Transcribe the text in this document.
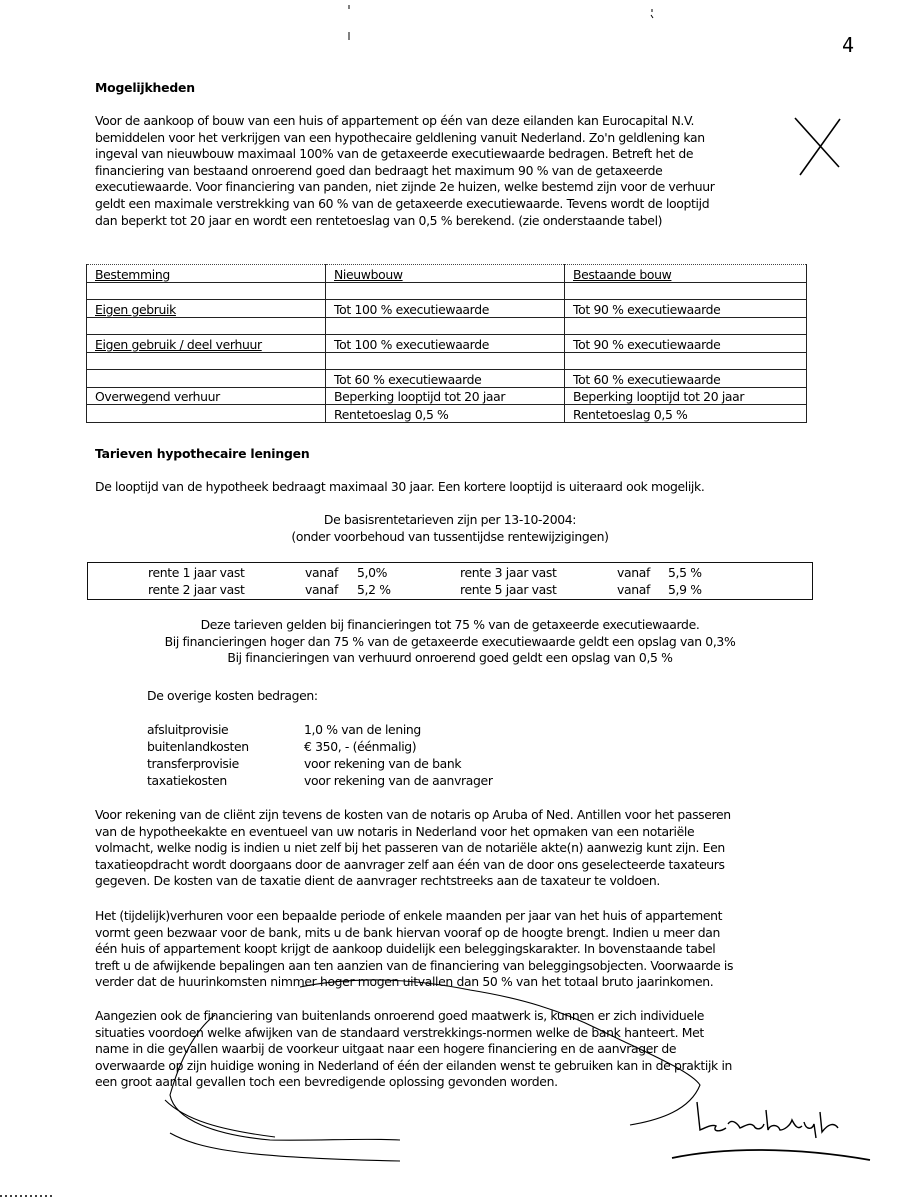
4
Mogelijkheden

Voor de aankoop of bouw van een huis of appartement op één van deze eilanden kan Eurocapital N.V.
bemiddelen voor het verkrijgen van een hypothecaire geldlening vanuit Nederland. Zo'n geldlening kan
ingeval van nieuwbouw maximaal 100% van de getaxeerde executiewaarde bedragen. Betreft het de
financiering van bestaand onroerend goed dan bedraagt het maximum 90 % van de getaxeerde
executiewaarde. Voor financiering van panden, niet zijnde 2e huizen, welke bestemd zijn voor de verhuur
geldt een maximale verstrekking van 60 % van de getaxeerde executiewaarde. Tevens wordt de looptijd
dan beperkt tot 20 jaar en wordt een rentetoeslag van 0,5 % berekend. (zie onderstaande tabel)

Bestemming	Nieuwbouw	Bestaande bouw

Eigen gebruik	Tot 100 % executiewaarde	Tot 90 % executiewaarde

Eigen gebruik / deel verhuur	Tot 100 % executiewaarde	Tot 90 % executiewaarde

	Tot 60 % executiewaarde	Tot 60 % executiewaarde
Overwegend verhuur	Beperking looptijd tot 20 jaar	Beperking looptijd tot 20 jaar
	Rentetoeslag 0,5 %	Rentetoeslag 0,5 %
Tarieven hypothecaire leningen

De looptijd van de hypotheek bedraagt maximaal 30 jaar. Een kortere looptijd is uiteraard ook mogelijk.

De basisrentetarieven zijn per 13-10-2004:
(onder voorbehoud van tussentijdse rentewijzigingen)
rente 1 jaar vast	vanaf 5,0%	rente 3 jaar vast	vanaf 5,5 %
rente 2 jaar vast	vanaf 5,2 %	rente 5 jaar vast	vanaf 5,9 %
Deze tarieven gelden bij financieringen tot 75 % van de getaxeerde executiewaarde.
Bij financieringen hoger dan 75 % van de getaxeerde executiewaarde geldt een opslag van 0,3%
Bij financieringen van verhuurd onroerend goed geldt een opslag van 0,5 %
De overige kosten bedragen:
afsluitprovisie	1,0 % van de lening
buitenlandkosten	€ 350, - (éénmalig)
transferprovisie	voor rekening van de bank
taxatiekosten	voor rekening van de aanvrager

Voor rekening van de cliënt zijn tevens de kosten van de notaris op Aruba of Ned. Antillen voor het passeren
van de hypotheekakte en eventueel van uw notaris in Nederland voor het opmaken van een notariële
volmacht, welke nodig is indien u niet zelf bij het passeren van de notariële akte(n) aanwezig kunt zijn. Een
taxatieopdracht wordt doorgaans door de aanvrager zelf aan één van de door ons geselecteerde taxateurs
gegeven. De kosten van de taxatie dient de aanvrager rechtstreeks aan de taxateur te voldoen.

Het (tijdelijk)verhuren voor een bepaalde periode of enkele maanden per jaar van het huis of appartement
vormt geen bezwaar voor de bank, mits u de bank hiervan vooraf op de hoogte brengt. Indien u meer dan
één huis of appartement koopt krijgt de aankoop duidelijk een beleggingskarakter. In bovenstaande tabel
treft u de afwijkende bepalingen aan ten aanzien van de financiering van beleggingsobjecten. Voorwaarde is
verder dat de huurinkomsten nimmer hoger mogen uitvallen dan 50 % van het totaal bruto jaarinkomen.

Aangezien ook de financiering van buitenlands onroerend goed maatwerk is, kunnen er zich individuele
situaties voordoen welke afwijken van de standaard verstrekkings-normen welke de bank hanteert. Met
name in die gevallen waarbij de voorkeur uitgaat naar een hogere financiering en de aanvrager de
overwaarde op zijn huidige woning in Nederland of één der eilanden wenst te gebruiken kan in de praktijk in
een groot aantal gevallen toch een bevredigende oplossing gevonden worden.
